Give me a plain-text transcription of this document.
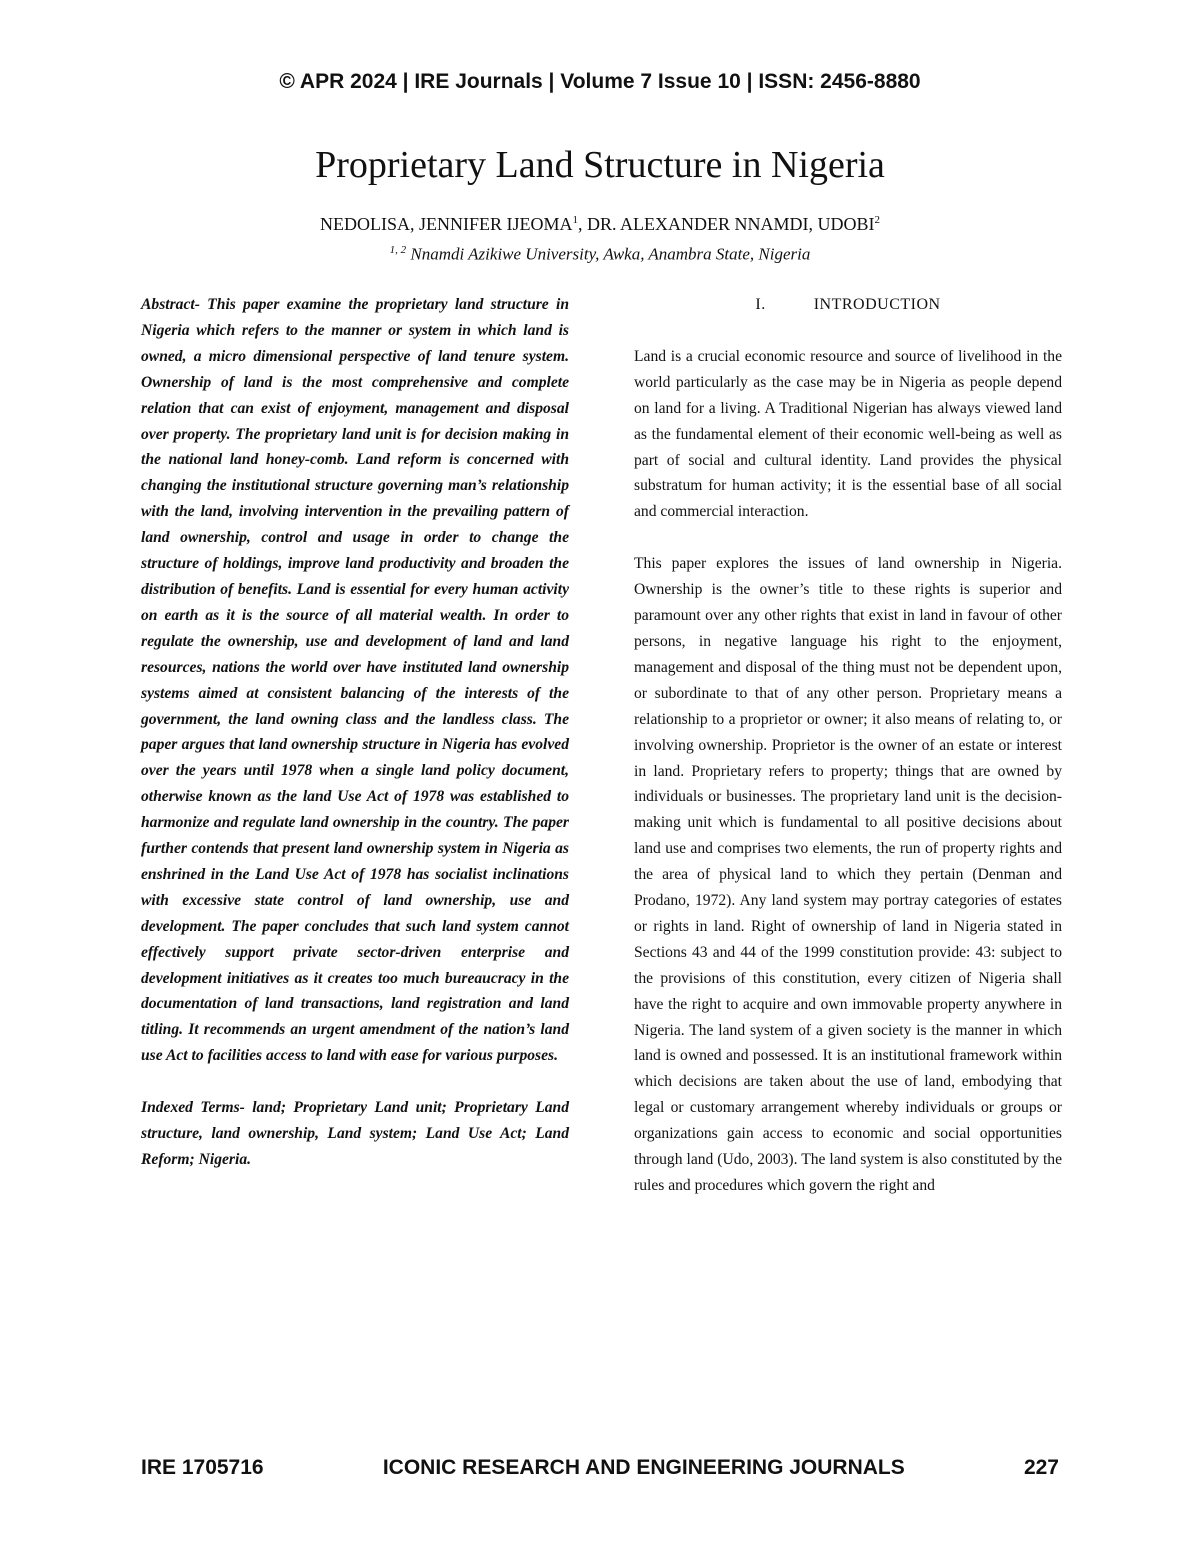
© APR 2024 | IRE Journals | Volume 7 Issue 10 | ISSN: 2456-8880
Proprietary Land Structure in Nigeria
NEDOLISA, JENNIFER IJEOMA$^1$, DR. ALEXANDER NNAMDI, UDOBI$^2$
$^{1, 2}$ Nnamdi Azikiwe University, Awka, Anambra State, Nigeria

Abstract- This paper examine the proprietary land structure in Nigeria which refers to the manner or system in which land is owned, a micro dimensional perspective of land tenure system. Ownership of land is the most comprehensive and complete relation that can exist of enjoyment, management and disposal over property. The proprietary land unit is for decision making in the national land honey-comb. Land reform is concerned with changing the institutional structure governing man’s relationship with the land, involving intervention in the prevailing pattern of land ownership, control and usage in order to change the structure of holdings, improve land productivity and broaden the distribution of benefits. Land is essential for every human activity on earth as it is the source of all material wealth. In order to regulate the ownership, use and development of land and land resources, nations the world over have instituted land ownership systems aimed at consistent balancing of the interests of the government, the land owning class and the landless class. The paper argues that land ownership structure in Nigeria has evolved over the years until 1978 when a single land policy document, otherwise known as the land Use Act of 1978 was established to harmonize and regulate land ownership in the country. The paper further contends that present land ownership system in Nigeria as enshrined in the Land Use Act of 1978 has socialist inclinations with excessive state control of land ownership, use and development. The paper concludes that such land system cannot effectively support private sector-driven enterprise and development initiatives as it creates too much bureaucracy in the documentation of land transactions, land registration and land titling. It recommends an urgent amendment of the nation’s land use Act to facilities access to land with ease for various purposes.

Indexed Terms- land; Proprietary Land unit; Proprietary Land structure, land ownership, Land system; Land Use Act; Land Reform; Nigeria.

I.	INTRODUCTION

Land is a crucial economic resource and source of livelihood in the world particularly as the case may be in Nigeria as people depend on land for a living. A Traditional Nigerian has always viewed land as the fundamental element of their economic well-being as well as part of social and cultural identity. Land provides the physical substratum for human activity; it is the essential base of all social and commercial interaction.

This paper explores the issues of land ownership in Nigeria. Ownership is the owner’s title to these rights is superior and paramount over any other rights that exist in land in favour of other persons, in negative language his right to the enjoyment, management and disposal of the thing must not be dependent upon, or subordinate to that of any other person. Proprietary means a relationship to a proprietor or owner; it also means of relating to, or involving ownership. Proprietor is the owner of an estate or interest in land. Proprietary refers to property; things that are owned by individuals or businesses. The proprietary land unit is the decision-making unit which is fundamental to all positive decisions about land use and comprises two elements, the run of property rights and the area of physical land to which they pertain (Denman and Prodano, 1972). Any land system may portray categories of estates or rights in land. Right of ownership of land in Nigeria stated in Sections 43 and 44 of the 1999 constitution provide: 43: subject to the provisions of this constitution, every citizen of Nigeria shall have the right to acquire and own immovable property anywhere in Nigeria. The land system of a given society is the manner in which land is owned and possessed. It is an institutional framework within which decisions are taken about the use of land, embodying that legal or customary arrangement whereby individuals or groups or organizations gain access to economic and social opportunities through land (Udo, 2003). The land system is also constituted by the rules and procedures which govern the right and

IRE 1705716	ICONIC RESEARCH AND ENGINEERING JOURNALS	227
